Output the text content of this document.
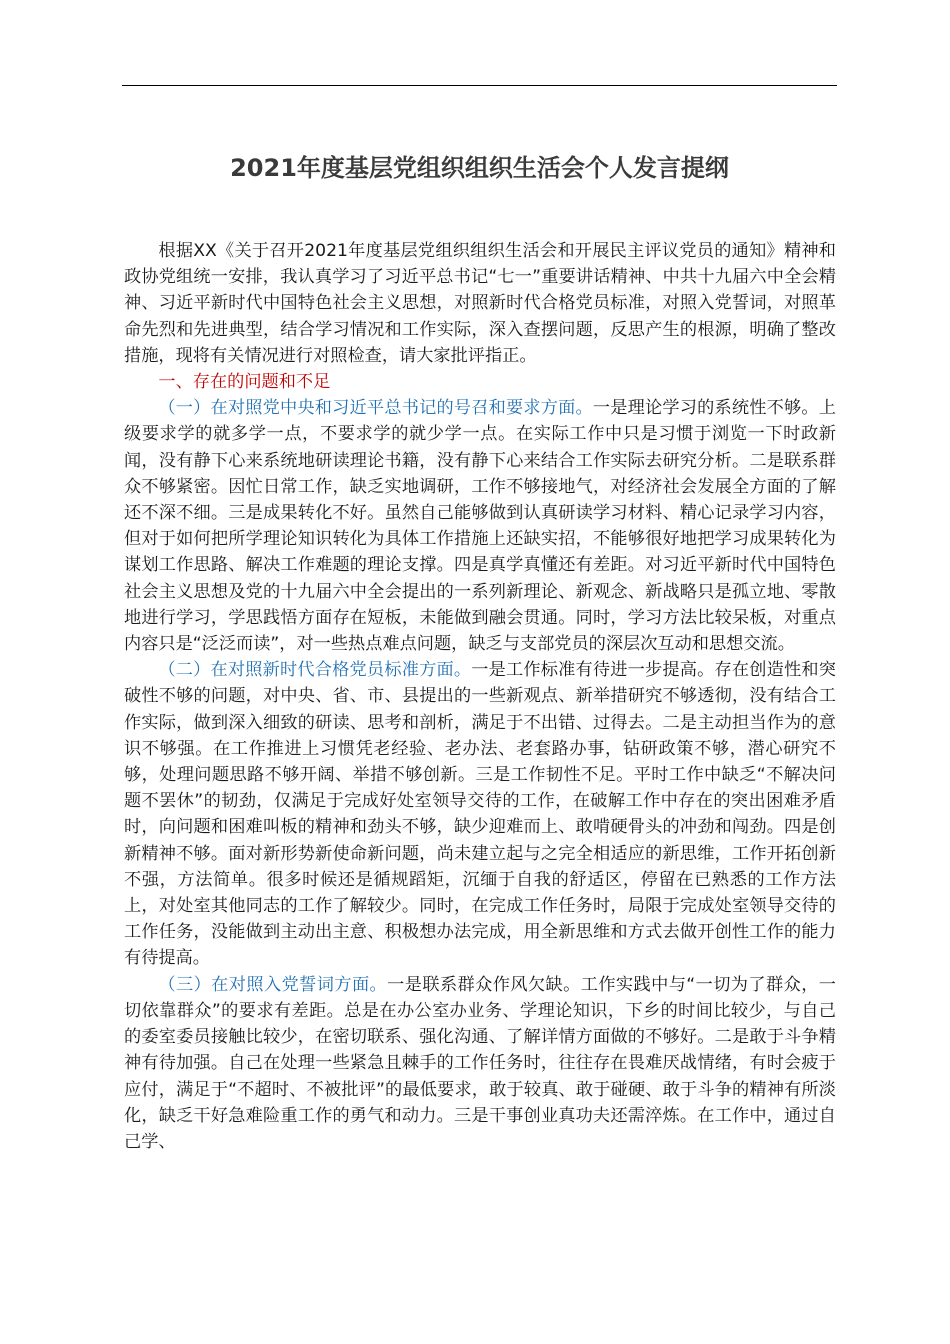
2021年度基层党组织组织生活会个人发言提纲

根据XX《关于召开2021年度基层党组织组织生活会和开展民主评议党员的通知》精神和政协党组统一安排，我认真学习了习近平总书记“七一”重要讲话精神、中共十九届六中全会精神、习近平新时代中国特色社会主义思想，对照新时代合格党员标准，对照入党誓词，对照革命先烈和先进典型，结合学习情况和工作实际，深入查摆问题，反思产生的根源，明确了整改措施，现将有关情况进行对照检查，请大家批评指正。

一、存在的问题和不足

（一）在对照党中央和习近平总书记的号召和要求方面。一是理论学习的系统性不够。上级要求学的就多学一点，不要求学的就少学一点。在实际工作中只是习惯于浏览一下时政新闻，没有静下心来系统地研读理论书籍，没有静下心来结合工作实际去研究分析。二是联系群众不够紧密。因忙日常工作，缺乏实地调研，工作不够接地气，对经济社会发展全方面的了解还不深不细。三是成果转化不好。虽然自己能够做到认真研读学习材料、精心记录学习内容，但对于如何把所学理论知识转化为具体工作措施上还缺实招，不能够很好地把学习成果转化为谋划工作思路、解决工作难题的理论支撑。四是真学真懂还有差距。对习近平新时代中国特色社会主义思想及党的十九届六中全会提出的一系列新理论、新观念、新战略只是孤立地、零散地进行学习，学思践悟方面存在短板，未能做到融会贯通。同时，学习方法比较呆板，对重点内容只是“泛泛而读”，对一些热点难点问题，缺乏与支部党员的深层次互动和思想交流。

（二）在对照新时代合格党员标准方面。一是工作标准有待进一步提高。存在创造性和突破性不够的问题，对中央、省、市、县提出的一些新观点、新举措研究不够透彻，没有结合工作实际，做到深入细致的研读、思考和剖析，满足于不出错、过得去。二是主动担当作为的意识不够强。在工作推进上习惯凭老经验、老办法、老套路办事，钻研政策不够，潜心研究不够，处理问题思路不够开阔、举措不够创新。三是工作韧性不足。平时工作中缺乏“不解决问题不罢休”的韧劲，仅满足于完成好处室领导交待的工作，在破解工作中存在的突出困难矛盾时，向问题和困难叫板的精神和劲头不够，缺少迎难而上、敢啃硬骨头的冲劲和闯劲。四是创新精神不够。面对新形势新使命新问题，尚未建立起与之完全相适应的新思维，工作开拓创新不强，方法简单。很多时候还是循规蹈矩，沉缅于自我的舒适区，停留在已熟悉的工作方法上，对处室其他同志的工作了解较少。同时，在完成工作任务时，局限于完成处室领导交待的工作任务，没能做到主动出主意、积极想办法完成，用全新思维和方式去做开创性工作的能力有待提高。

（三）在对照入党誓词方面。一是联系群众作风欠缺。工作实践中与“一切为了群众，一切依靠群众”的要求有差距。总是在办公室办业务、学理论知识，下乡的时间比较少，与自己的委室委员接触比较少，在密切联系、强化沟通、了解详情方面做的不够好。二是敢于斗争精神有待加强。自己在处理一些紧急且棘手的工作任务时，往往存在畏难厌战情绪，有时会疲于应付，满足于“不超时、不被批评”的最低要求，敢于较真、敢于碰硬、敢于斗争的精神有所淡化，缺乏干好急难险重工作的勇气和动力。三是干事创业真功夫还需淬炼。在工作中，通过自己学、
